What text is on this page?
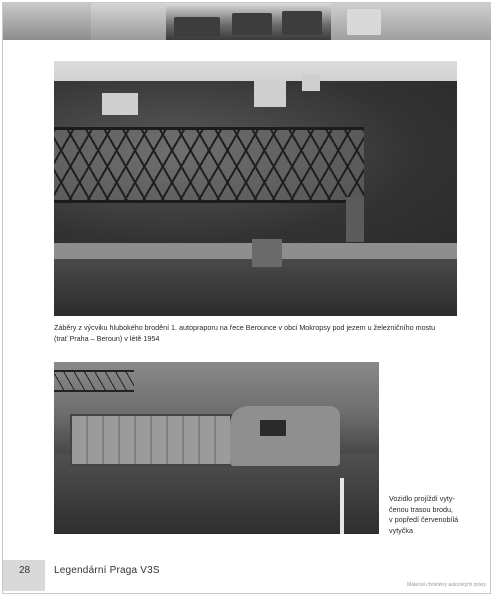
Záběry z výcviku hlubokého brodění 1. autopraporu na řece Berounce v obci Mokropsy pod jezem u železničního mostu
(trať Praha – Beroun) v létě 1954
Vozidlo projíždí vyty-
čenou trasou brodu,
v popředí červenobílá
vytyčka
28 Legendární Praga V3S
Materiál chráněný autorskými právy
